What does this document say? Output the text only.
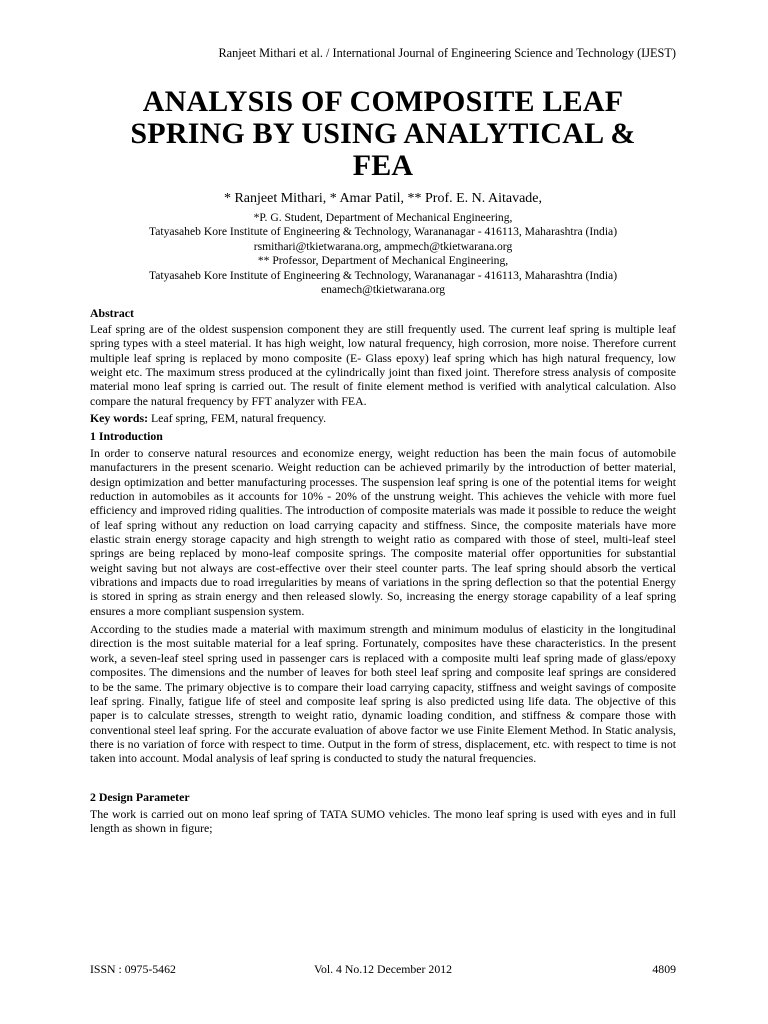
Ranjeet Mithari et al. / International Journal of Engineering Science and Technology (IJEST)
ANALYSIS OF COMPOSITE LEAF
SPRING BY USING ANALYTICAL &
FEA
* Ranjeet Mithari, * Amar Patil, ** Prof. E. N. Aitavade,
*P. G. Student, Department of Mechanical Engineering,
Tatyasaheb Kore Institute of Engineering & Technology, Warananagar - 416113, Maharashtra (India)
rsmithari@tkietwarana.org, ampmech@tkietwarana.org
** Professor, Department of Mechanical Engineering,
Tatyasaheb Kore Institute of Engineering & Technology, Warananagar - 416113, Maharashtra (India)
enamech@tkietwarana.org
Abstract

Leaf spring are of the oldest suspension component they are still frequently used. The current leaf spring is multiple leaf spring types with a steel material. It has high weight, low natural frequency, high corrosion, more noise. Therefore current multiple leaf spring is replaced by mono composite (E- Glass epoxy) leaf spring which has high natural frequency, low weight etc. The maximum stress produced at the cylindrically joint than fixed joint. Therefore stress analysis of composite material mono leaf spring is carried out. The result of finite element method is verified with analytical calculation. Also compare the natural frequency by FFT analyzer with FEA.

Key words: Leaf spring, FEM, natural frequency.

1 Introduction

In order to conserve natural resources and economize energy, weight reduction has been the main focus of automobile manufacturers in the present scenario. Weight reduction can be achieved primarily by the introduction of better material, design optimization and better manufacturing processes. The suspension leaf spring is one of the potential items for weight reduction in automobiles as it accounts for 10% - 20% of the unstrung weight. This achieves the vehicle with more fuel efficiency and improved riding qualities. The introduction of composite materials was made it possible to reduce the weight of leaf spring without any reduction on load carrying capacity and stiffness. Since, the composite materials have more elastic strain energy storage capacity and high strength to weight ratio as compared with those of steel, multi-leaf steel springs are being replaced by mono-leaf composite springs. The composite material offer opportunities for substantial weight saving but not always are cost-effective over their steel counter parts. The leaf spring should absorb the vertical vibrations and impacts due to road irregularities by means of variations in the spring deflection so that the potential Energy is stored in spring as strain energy and then released slowly. So, increasing the energy storage capability of a leaf spring ensures a more compliant suspension system.

According to the studies made a material with maximum strength and minimum modulus of elasticity in the longitudinal direction is the most suitable material for a leaf spring. Fortunately, composites have these characteristics. In the present work, a seven-leaf steel spring used in passenger cars is replaced with a composite multi leaf spring made of glass/epoxy composites. The dimensions and the number of leaves for both steel leaf spring and composite leaf springs are considered to be the same. The primary objective is to compare their load carrying capacity, stiffness and weight savings of composite leaf spring. Finally, fatigue life of steel and composite leaf spring is also predicted using life data. The objective of this paper is to calculate stresses, strength to weight ratio, dynamic loading condition, and stiffness & compare those with conventional steel leaf spring. For the accurate evaluation of above factor we use Finite Element Method. In Static analysis, there is no variation of force with respect to time. Output in the form of stress, displacement, etc. with respect to time is not taken into account. Modal analysis of leaf spring is conducted to study the natural frequencies.

2 Design Parameter

The work is carried out on mono leaf spring of TATA SUMO vehicles. The mono leaf spring is used with eyes and in full length as shown in figure;

ISSN : 0975-5462	Vol. 4 No.12 December 2012	4809
